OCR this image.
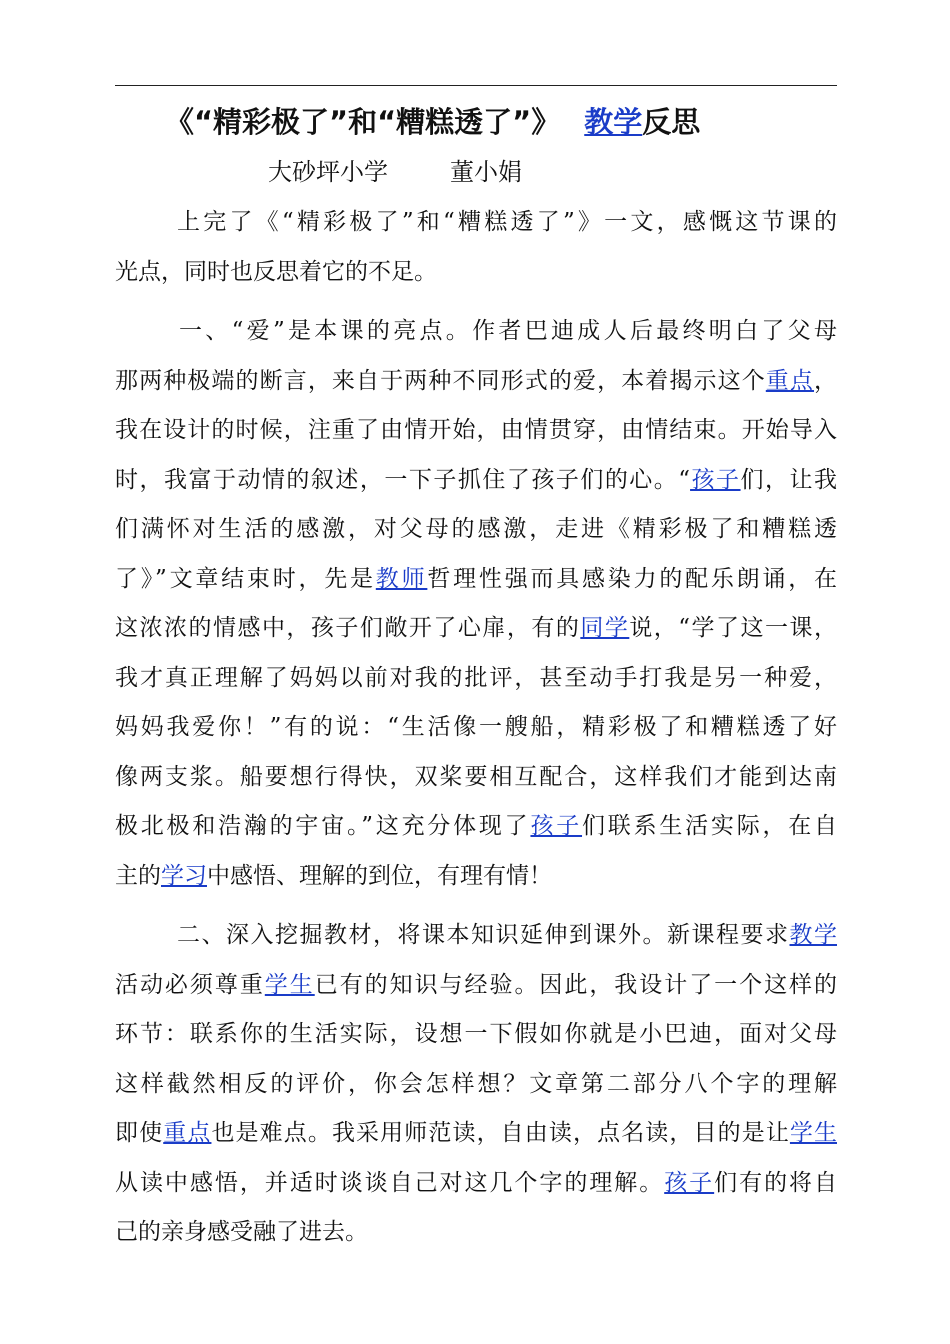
《“精彩极了”和“糟糕透了”》 教学反思
大砂坪小学	董小娟
上完了《“精彩极了”和“糟糕透了”》一文，感慨这节课的
光点，同时也反思着它的不足。
一、“爱”是本课的亮点。作者巴迪成人后最终明白了父母
那两种极端的断言，来自于两种不同形式的爱，本着揭示这个重点，
我在设计的时候，注重了由情开始，由情贯穿，由情结束。开始导入
时，我富于动情的叙述，一下子抓住了孩子们的心。“孩子们，让我
们满怀对生活的感激，对父母的感激，走进《精彩极了和糟糕透
了》”文章结束时，先是教师哲理性强而具感染力的配乐朗诵，在
这浓浓的情感中，孩子们敞开了心扉，有的同学说，“学了这一课，
我才真正理解了妈妈以前对我的批评，甚至动手打我是另一种爱，
妈妈我爱你！”有的说：“生活像一艘船，精彩极了和糟糕透了好
像两支浆。船要想行得快，双桨要相互配合，这样我们才能到达南
极北极和浩瀚的宇宙。”这充分体现了孩子们联系生活实际，在自
主的学习中感悟、理解的到位，有理有情！
二、深入挖掘教材，将课本知识延伸到课外。新课程要求教学
活动必须尊重学生已有的知识与经验。因此，我设计了一个这样的
环节：联系你的生活实际，设想一下假如你就是小巴迪，面对父母
这样截然相反的评价，你会怎样想？文章第二部分八个字的理解
即使重点也是难点。我采用师范读，自由读，点名读，目的是让学生
从读中感悟，并适时谈谈自己对这几个字的理解。孩子们有的将自
己的亲身感受融了进去。
